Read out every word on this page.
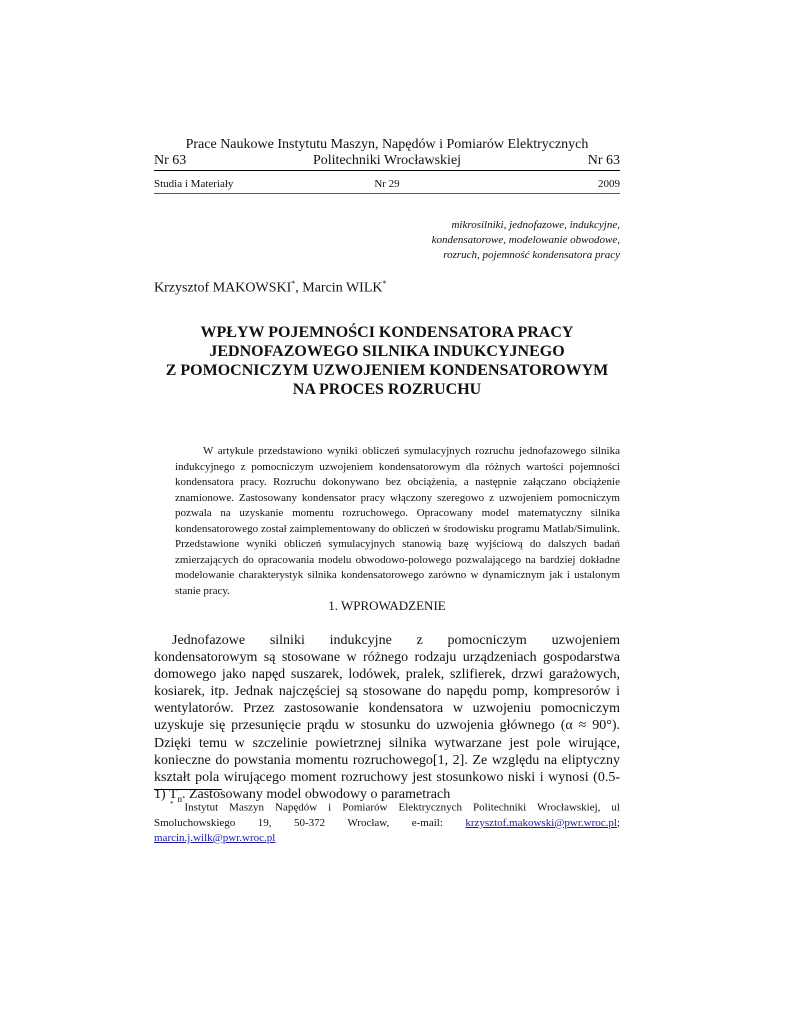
Prace Naukowe Instytutu Maszyn, Napędów i Pomiarów Elektrycznych
Nr 63	Politechniki Wrocławskiej	Nr 63
Studia i Materiały	Nr 29	2009
mikrosilniki, jednofazowe, indukcyjne,
kondensatorowe, modelowanie obwodowe,
rozruch, pojemność kondensatora pracy
Krzysztof MAKOWSKI*, Marcin WILK*
WPŁYW POJEMNOŚCI KONDENSATORA PRACY
JEDNOFAZOWEGO SILNIKA INDUKCYJNEGO
Z POMOCNICZYM UZWOJENIEM KONDENSATOROWYM
NA PROCES ROZRUCHU

W artykule przedstawiono wyniki obliczeń symulacyjnych rozruchu jednofazowego silnika indukcyjnego z pomocniczym uzwojeniem kondensatorowym dla różnych wartości pojemności kondensatora pracy. Rozruchu dokonywano bez obciążenia, a następnie załączano obciążenie znamionowe. Zastosowany kondensator pracy włączony szeregowo z uzwojeniem pomocniczym pozwala na uzyskanie momentu rozruchowego. Opracowany model matematyczny silnika kondensatorowego został zaimplementowany do obliczeń w środowisku programu Matlab/Simulink. Przedstawione wyniki obliczeń symulacyjnych stanowią bazę wyjściową do dalszych badań zmierzających do opracowania modelu obwodowo-polowego pozwalającego na bardziej dokładne modelowanie charakterystyk silnika kondensatorowego zarówno w dynamicznym jak i ustalonym stanie pracy.

1. WPROWADZENIE

Jednofazowe silniki indukcyjne z pomocniczym uzwojeniem kondensatorowym są stosowane w różnego rodzaju urządzeniach gospodarstwa domowego jako napęd suszarek, lodówek, pralek, szlifierek, drzwi garażowych, kosiarek, itp. Jednak najczęściej są stosowane do napędu pomp, kompresorów i wentylatorów. Przez zastosowanie kondensatora w uzwojeniu pomocniczym uzyskuje się przesunięcie prądu w stosunku do uzwojenia głównego (α ≈ 90°). Dzięki temu w szczelinie powietrznej silnika wytwarzane jest pole wirujące, konieczne do powstania momentu rozruchowego[1, 2]. Ze względu na eliptyczny kształt pola wirującego moment rozruchowy jest stosunkowo niski i wynosi (0.5-1) $T_n$. Zastosowany model obwodowy o parametrach

* Instytut Maszyn Napędów i Pomiarów Elektrycznych Politechniki Wrocławskiej, ul Smoluchowskiego 19, 50-372 Wrocław, e-mail: krzysztof.makowski@pwr.wroc.pl; marcin.j.wilk@pwr.wroc.pl
